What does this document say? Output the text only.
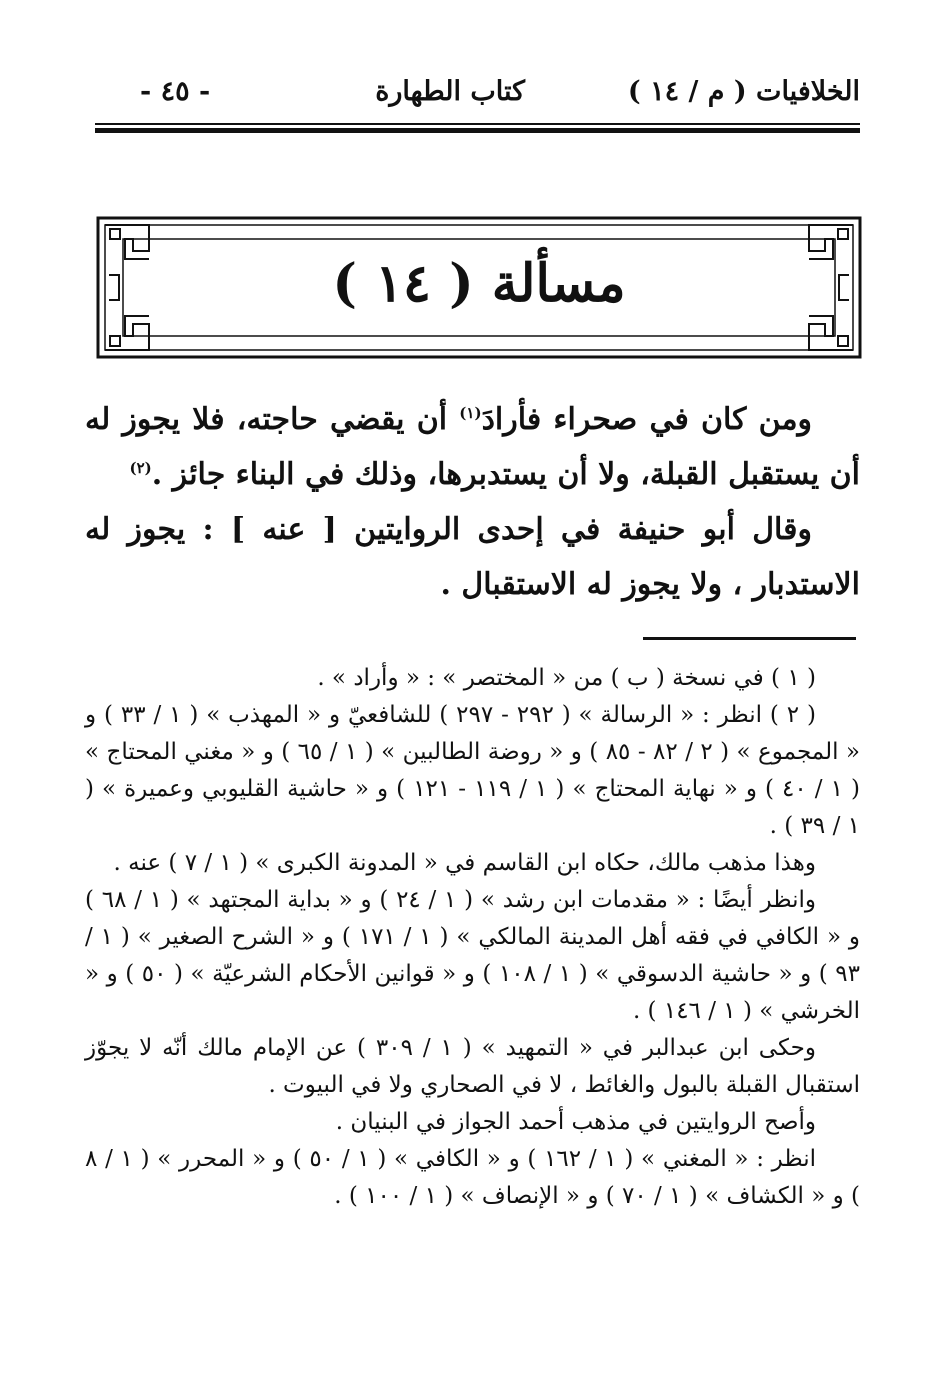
الخلافيات ( م / ١٤ )
كتاب الطهارة
- ٤٥ -
مسألة ( ١٤ )

ومن كان في صحراء فأرادَ$^{(١)}$ أن يقضي حاجته، فلا يجوز له أن يستقبل القبلة، ولا أن يستدبرها، وذلك في البناء جائز .$^{(٢)}$

وقال أبو حنيفة في إحدى الروايتين [ عنه ] : يجوز له الاستدبار ، ولا يجوز له الاستقبال .

( ١ ) في نسخة ( ب ) من « المختصر » : « وأراد » .

( ٢ ) انظر : « الرسالة » ( ٢٩٢ - ٢٩٧ ) للشافعيّ و « المهذب » ( ١ / ٣٣ ) و « المجموع » ( ٢ / ٨٢ - ٨٥ ) و « روضة الطالبين » ( ١ / ٦٥ ) و « مغني المحتاج » ( ١ / ٤٠ ) و « نهاية المحتاج » ( ١ / ١١٩ - ١٢١ ) و « حاشية القليوبي وعميرة » ( ١ / ٣٩ ) .

وهذا مذهب مالك، حكاه ابن القاسم في « المدونة الكبرى » ( ١ / ٧ ) عنه .

وانظر أيضًا : « مقدمات ابن رشد » ( ١ / ٢٤ ) و « بداية المجتهد » ( ١ / ٦٨ ) و « الكافي في فقه أهل المدينة المالكي » ( ١ / ١٧١ ) و « الشرح الصغير » ( ١ / ٩٣ ) و « حاشية الدسوقي » ( ١ / ١٠٨ ) و « قوانين الأحكام الشرعيّة » ( ٥٠ ) و « الخرشي » ( ١ / ١٤٦ ) .

وحكى ابن عبدالبر في « التمهيد » ( ١ / ٣٠٩ ) عن الإمام مالك أنّه لا يجوّز استقبال القبلة بالبول والغائط ، لا في الصحاري ولا في البيوت .

وأصح الروايتين في مذهب أحمد الجواز في البنيان .

انظر : « المغني » ( ١ / ١٦٢ ) و « الكافي » ( ١ / ٥٠ ) و « المحرر » ( ١ / ٨ ) و « الكشاف » ( ١ / ٧٠ ) و « الإنصاف » ( ١ / ١٠٠ ) .
